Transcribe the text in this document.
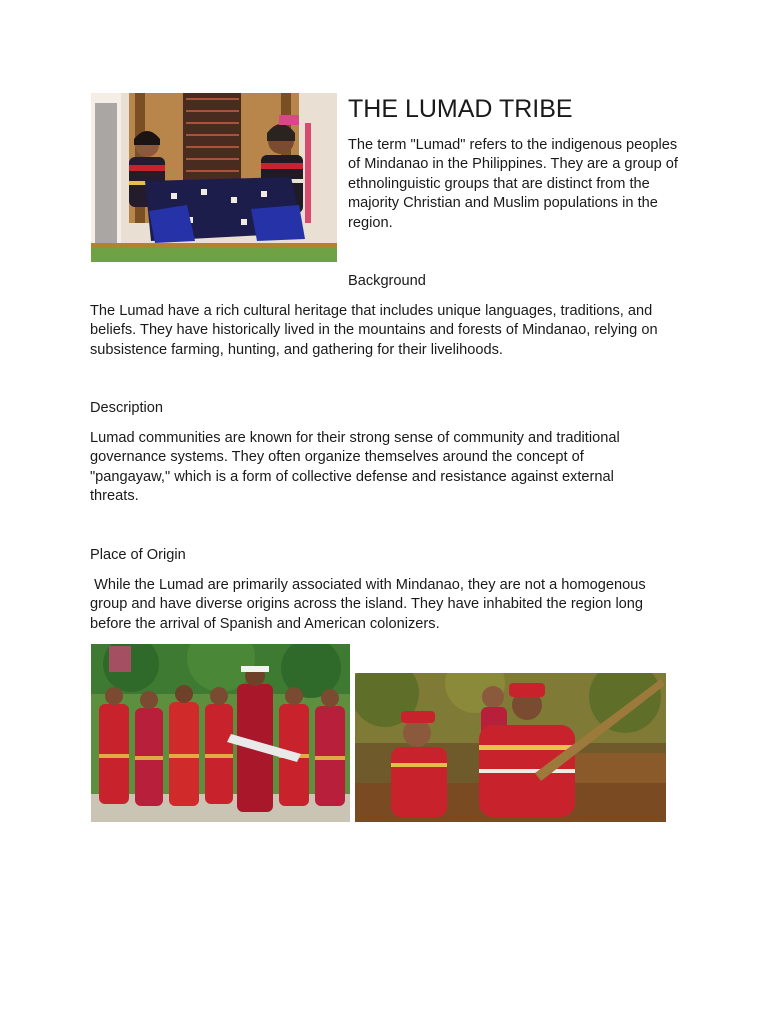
THE LUMAD TRIBE

The term "Lumad" refers to the indigenous peoples of Mindanao in the Philippines. They are a group of ethnolinguistic groups that are distinct from the majority Christian and Muslim populations in the region.

Background

The Lumad have a rich cultural heritage that includes unique languages, traditions, and beliefs. They have historically lived in the mountains and forests of Mindanao, relying on subsistence farming, hunting, and gathering for their livelihoods.

Description

Lumad communities are known for their strong sense of community and traditional governance systems. They often organize themselves around the concept of "pangayaw," which is a form of collective defense and resistance against external threats.

Place of Origin

While the Lumad are primarily associated with Mindanao, they are not a homogenous group and have diverse origins across the island. They have inhabited the region long before the arrival of Spanish and American colonizers.
